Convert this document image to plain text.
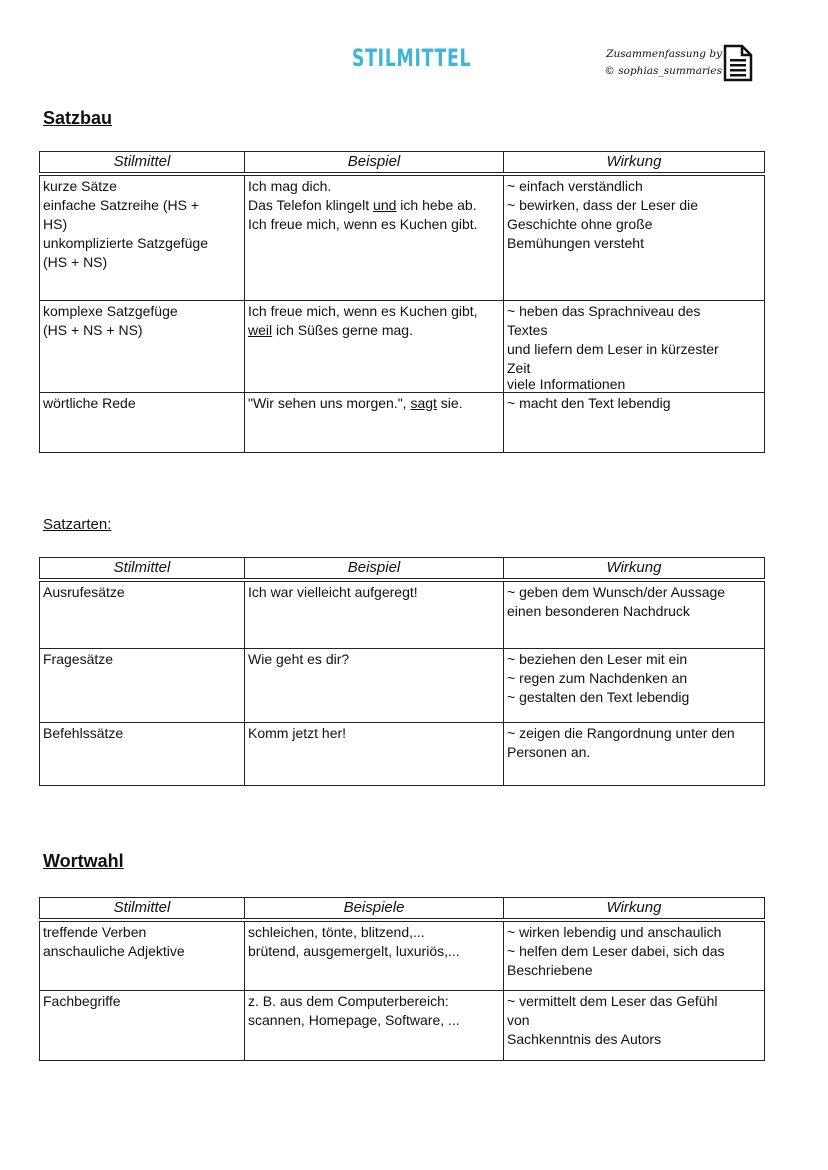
STILMITTEL	Zusammenfassung by
© sophias_summaries
Satzbau
Stilmittel	Beispiel	Wirkung

kurze Sätze
einfache Satzreihe (HS +
HS)
unkomplizierte Satzgefüge
(HS + NS)	Ich mag dich.
Das Telefon klingelt und ich hebe ab.
Ich freue mich, wenn es Kuchen gibt.	~ einfach verständlich
~ bewirken, dass der Leser die
Geschichte ohne große
Bemühungen versteht

komplexe Satzgefüge
(HS + NS + NS)	Ich freue mich, wenn es Kuchen gibt,
weil ich Süßes gerne mag.	~ heben das Sprachniveau des
Textes
und liefern dem Leser in kürzester
Zeit
viele Informationen

wörtliche Rede	"Wir sehen uns morgen.", sagt sie.	~ macht den Text lebendig
Satzarten:
Stilmittel	Beispiel	Wirkung
Ausrufesätze	Ich war vielleicht aufgeregt!	~ geben dem Wunsch/der Aussage
einen besonderen Nachdruck

Fragesätze	Wie geht es dir?	~ beziehen den Leser mit ein
~ regen zum Nachdenken an
~ gestalten den Text lebendig

Befehlssätze	Komm jetzt her!	~ zeigen die Rangordnung unter den
Personen an.
Wortwahl
Stilmittel	Beispiele	Wirkung

treffende Verben
anschauliche Adjektive	schleichen, tönte, blitzend,...
brütend, ausgemergelt, luxuriös,...	~ wirken lebendig und anschaulich
~ helfen dem Leser dabei, sich das
Beschriebene

Fachbegriffe	z. B. aus dem Computerbereich:
scannen, Homepage, Software, ...	~ vermittelt dem Leser das Gefühl
von
Sachkenntnis des Autors
